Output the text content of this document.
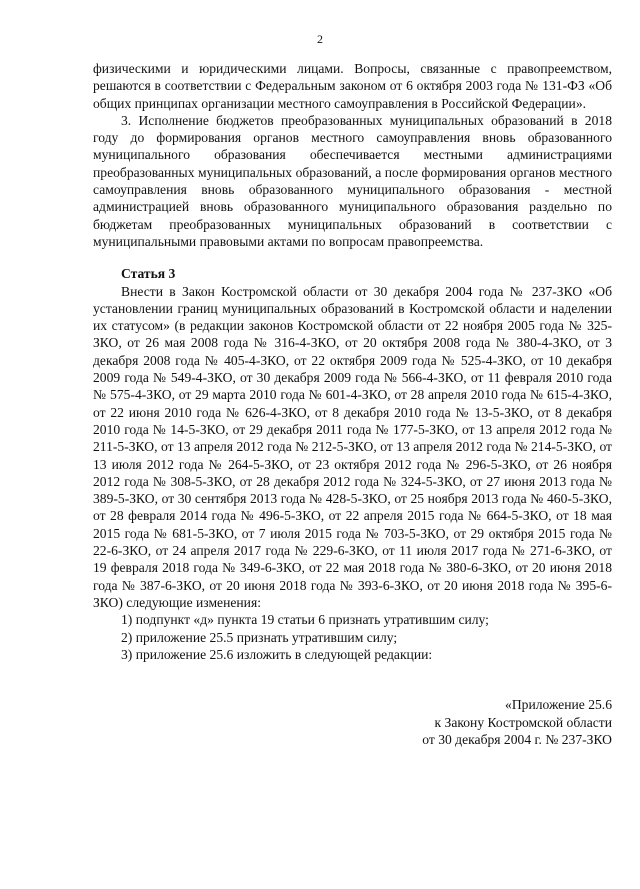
2

физическими и юридическими лицами. Вопросы, связанные с правопреемством, решаются в соответствии с Федеральным законом от 6 октября 2003 года № 131-ФЗ «Об общих принципах организации местного самоуправления в Российской Федерации».

3. Исполнение бюджетов преобразованных муниципальных образований в 2018 году до формирования органов местного самоуправления вновь образованного муниципального образования обеспечивается местными администрациями преобразованных муниципальных образований, а после формирования органов местного самоуправления вновь образованного муниципального образования - местной администрацией вновь образованного муниципального образования раздельно по бюджетам преобразованных муниципальных образований в соответствии с муниципальными правовыми актами по вопросам правопреемства.

Статья 3

Внести в Закон Костромской области от 30 декабря 2004 года № 237-ЗКО «Об установлении границ муниципальных образований в Костромской области и наделении их статусом» (в редакции законов Костромской области от 22 ноября 2005 года № 325-ЗКО, от 26 мая 2008 года № 316-4-ЗКО, от 20 октября 2008 года № 380-4-ЗКО, от 3 декабря 2008 года № 405-4-ЗКО, от 22 октября 2009 года № 525-4-ЗКО, от 10 декабря 2009 года № 549-4-ЗКО, от 30 декабря 2009 года № 566-4-ЗКО, от 11 февраля 2010 года № 575-4-ЗКО, от 29 марта 2010 года № 601-4-ЗКО, от 28 апреля 2010 года № 615-4-ЗКО, от 22 июня 2010 года № 626-4-ЗКО, от 8 декабря 2010 года № 13-5-ЗКО, от 8 декабря 2010 года № 14-5-ЗКО, от 29 декабря 2011 года № 177-5-ЗКО, от 13 апреля 2012 года № 211-5-ЗКО, от 13 апреля 2012 года № 212-5-ЗКО, от 13 апреля 2012 года № 214-5-ЗКО, от 13 июля 2012 года № 264-5-ЗКО, от 23 октября 2012 года № 296-5-ЗКО, от 26 ноября 2012 года № 308-5-ЗКО, от 28 декабря 2012 года № 324-5-ЗКО, от 27 июня 2013 года № 389-5-ЗКО, от 30 сентября 2013 года № 428-5-ЗКО, от 25 ноября 2013 года № 460-5-ЗКО, от 28 февраля 2014 года № 496-5-ЗКО, от 22 апреля 2015 года № 664-5-ЗКО, от 18 мая 2015 года № 681-5-ЗКО, от 7 июля 2015 года № 703-5-ЗКО, от 29 октября 2015 года № 22-6-ЗКО, от 24 апреля 2017 года № 229-6-ЗКО, от 11 июля 2017 года № 271-6-ЗКО, от 19 февраля 2018 года № 349-6-ЗКО, от 22 мая 2018 года № 380-6-ЗКО, от 20 июня 2018 года № 387-6-ЗКО, от 20 июня 2018 года № 393-6-ЗКО, от 20 июня 2018 года № 395-6-ЗКО) следующие изменения:

1) подпункт «д» пункта 19 статьи 6 признать утратившим силу;

2) приложение 25.5 признать утратившим силу;

3) приложение 25.6 изложить в следующей редакции:

«Приложение 25.6
к Закону Костромской области
от 30 декабря 2004 г. № 237-ЗКО
